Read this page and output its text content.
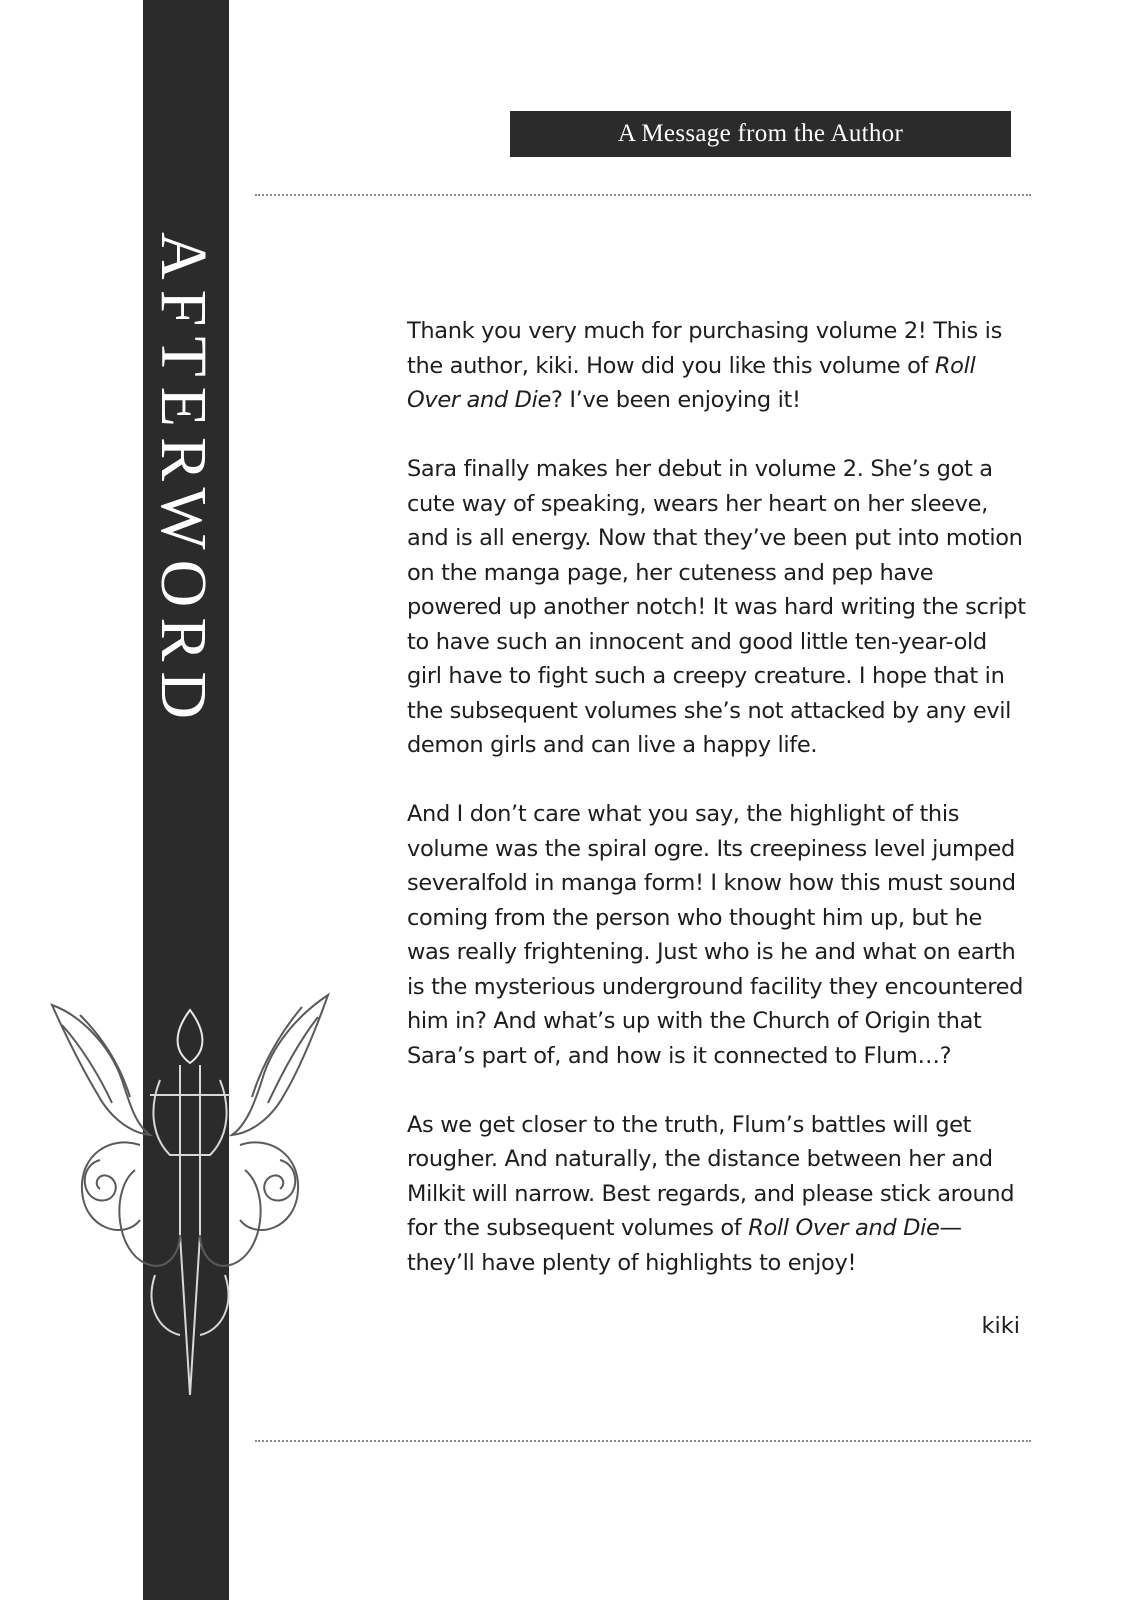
AFTERWORD
A Message from the Author

Thank you very much for purchasing volume 2! This is the author, kiki. How did you like this volume of Roll Over and Die? I’ve been enjoying it!

Sara finally makes her debut in volume 2. She’s got a cute way of speaking, wears her heart on her sleeve, and is all energy. Now that they’ve been put into motion on the manga page, her cuteness and pep have powered up another notch! It was hard writing the script to have such an innocent and good little ten-year-old girl have to fight such a creepy creature. I hope that in the subsequent volumes she’s not attacked by any evil demon girls and can live a happy life.

And I don’t care what you say, the highlight of this volume was the spiral ogre. Its creepiness level jumped severalfold in manga form! I know how this must sound coming from the person who thought him up, but he was really frightening. Just who is he and what on earth is the mysterious underground facility they encountered him in? And what’s up with the Church of Origin that Sara’s part of, and how is it connected to Flum…?

As we get closer to the truth, Flum’s battles will get rougher. And naturally, the distance between her and Milkit will narrow. Best regards, and please stick around for the subsequent volumes of Roll Over and Die— they’ll have plenty of highlights to enjoy!

kiki
